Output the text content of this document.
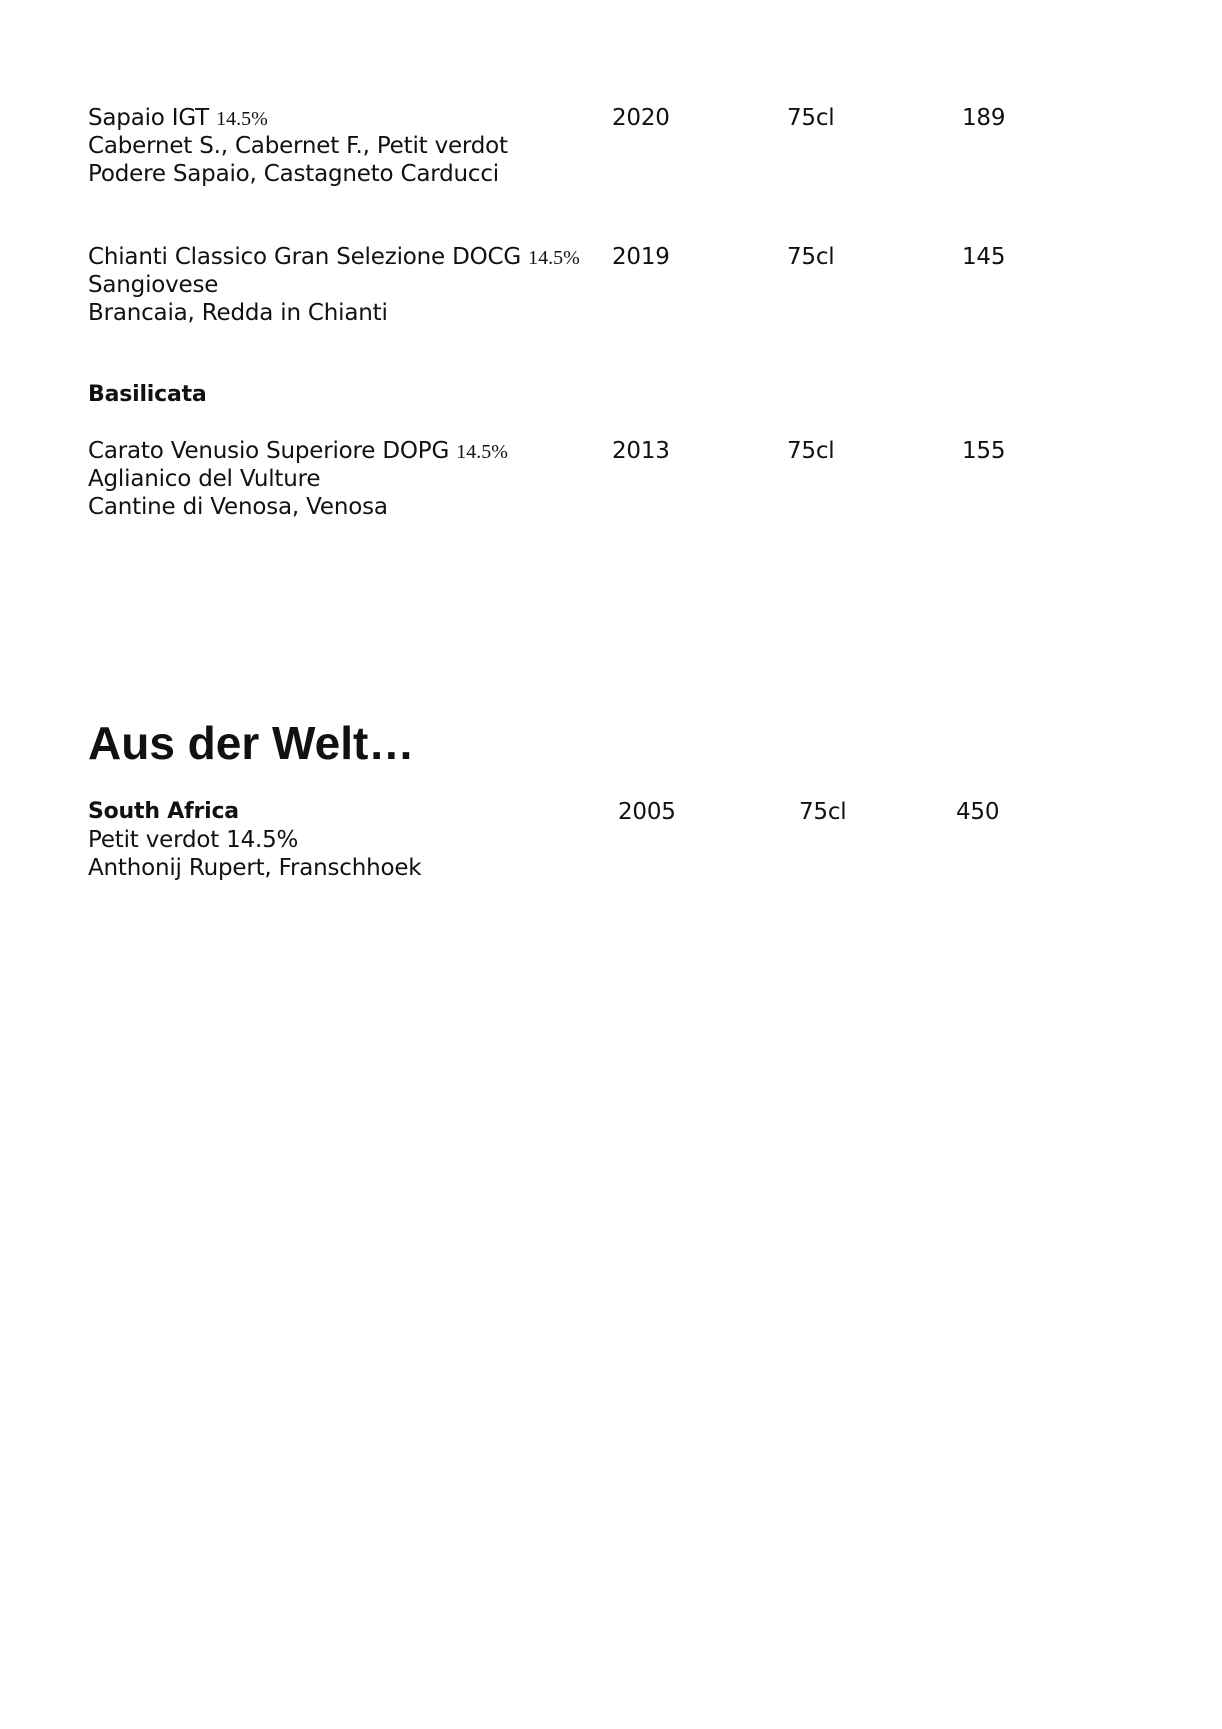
Sapaio IGT 14.5%	2020	75cl	189
Cabernet S., Cabernet F., Petit verdot
Podere Sapaio, Castagneto Carducci
Chianti Classico Gran Selezione DOCG 14.5% 2019	75cl	145
Sangiovese
Brancaia, Redda in Chianti
Basilicata
Carato Venusio Superiore DOPG 14.5%	2013	75cl	155
Aglianico del Vulture
Cantine di Venosa, Venosa
Aus der Welt…
South Africa	2005	75cl	450
Petit verdot 14.5%
Anthonij Rupert, Franschhoek
